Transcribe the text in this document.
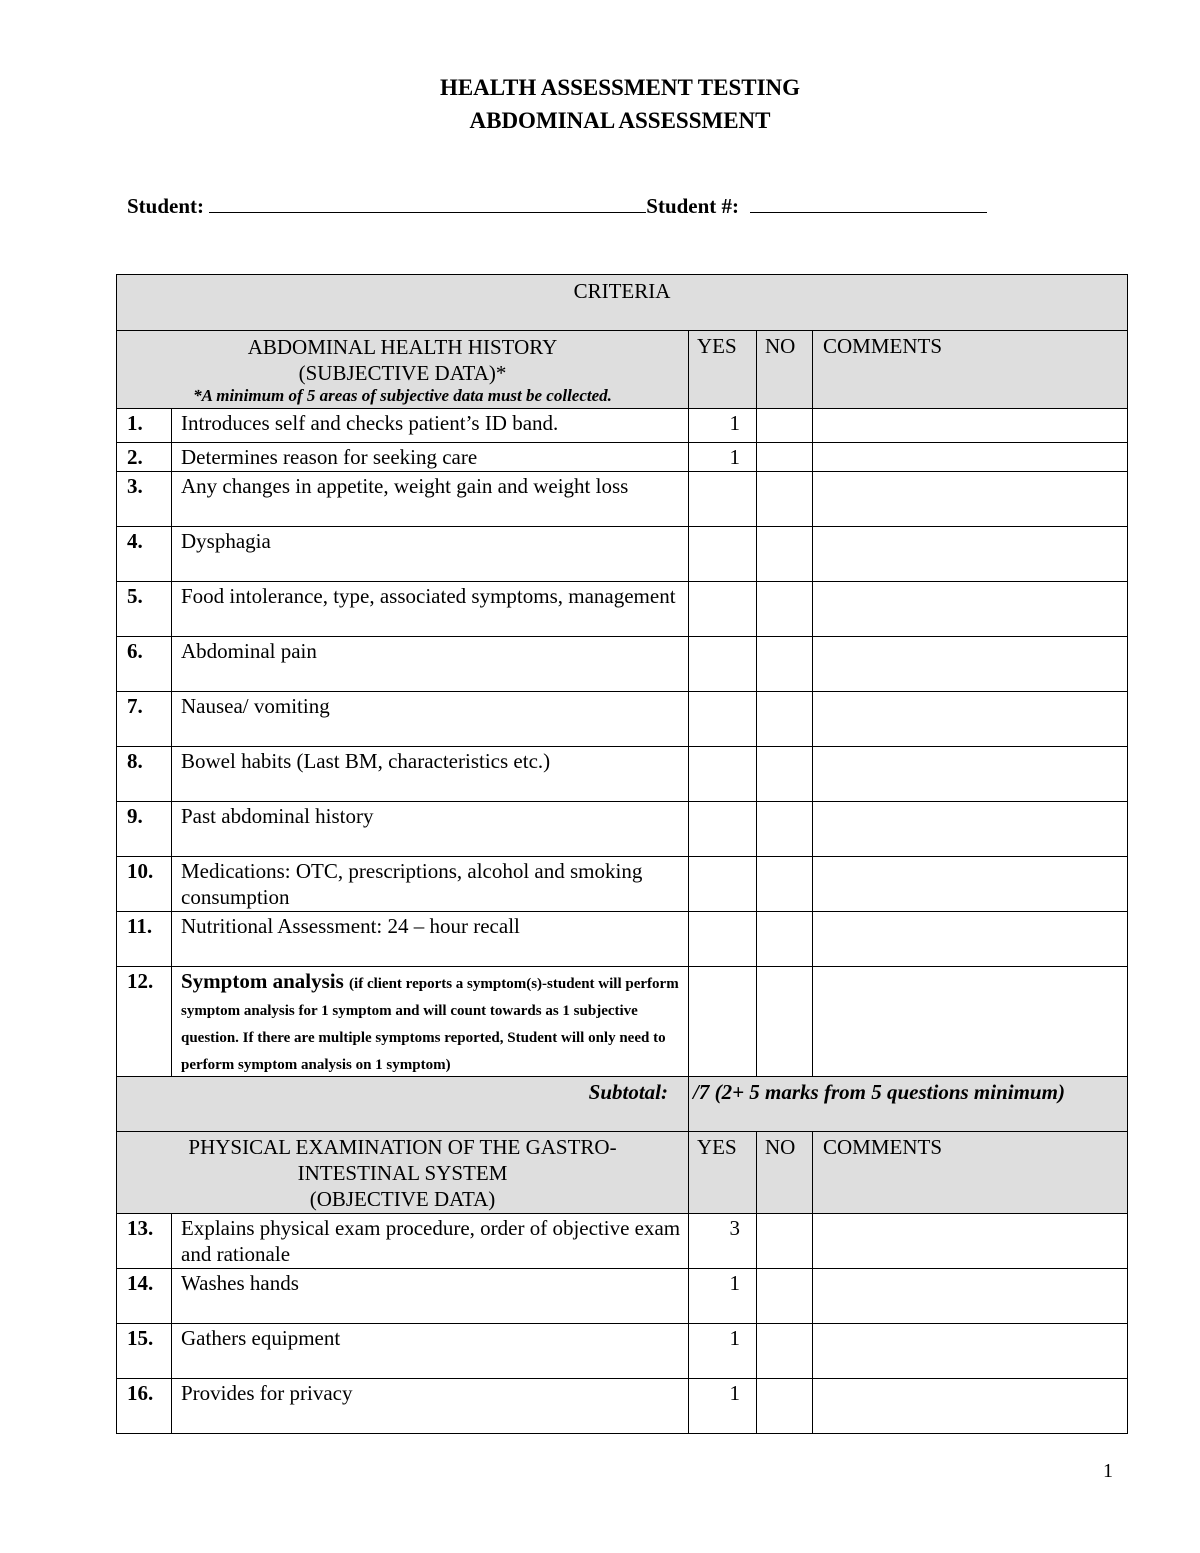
HEALTH ASSESSMENT TESTING
ABDOMINAL ASSESSMENT
Student:	Student #:
CRITERIA				

ABDOMINAL HEALTH HISTORY
(SUBJECTIVE DATA)*
*A minimum of 5 areas of subjective data must be collected.		YES	NO	COMMENTS
1.	Introduces self and checks patient’s ID band.	1		
2.	Determines reason for seeking care	1		
3.	Any changes in appetite, weight gain and weight loss			
4.	Dysphagia			
5.	Food intolerance, type, associated symptoms, management			
6.	Abdominal pain			
7.	Nausea/ vomiting			
8.	Bowel habits (Last BM, characteristics etc.)			
9.	Past abdominal history			
10.	Medications: OTC, prescriptions, alcohol and smoking consumption			
11.	Nutritional Assessment: 24 – hour recall			
12.	Symptom analysis (if client reports a symptom(s)-student will perform symptom analysis for 1 symptom and will count towards as 1 subjective question. If there are multiple symptoms reported, Student will only need to perform symptom analysis on 1 symptom)			
Subtotal:		/7 (2+ 5 marks from 5 questions minimum)		

PHYSICAL EXAMINATION OF THE GASTRO-
INTESTINAL SYSTEM
(OBJECTIVE DATA)		YES	NO	COMMENTS
13.	Explains physical exam procedure, order of objective exam and rationale	3		
14.	Washes hands	1		
15.	Gathers equipment	1		
16.	Provides for privacy	1		
1
